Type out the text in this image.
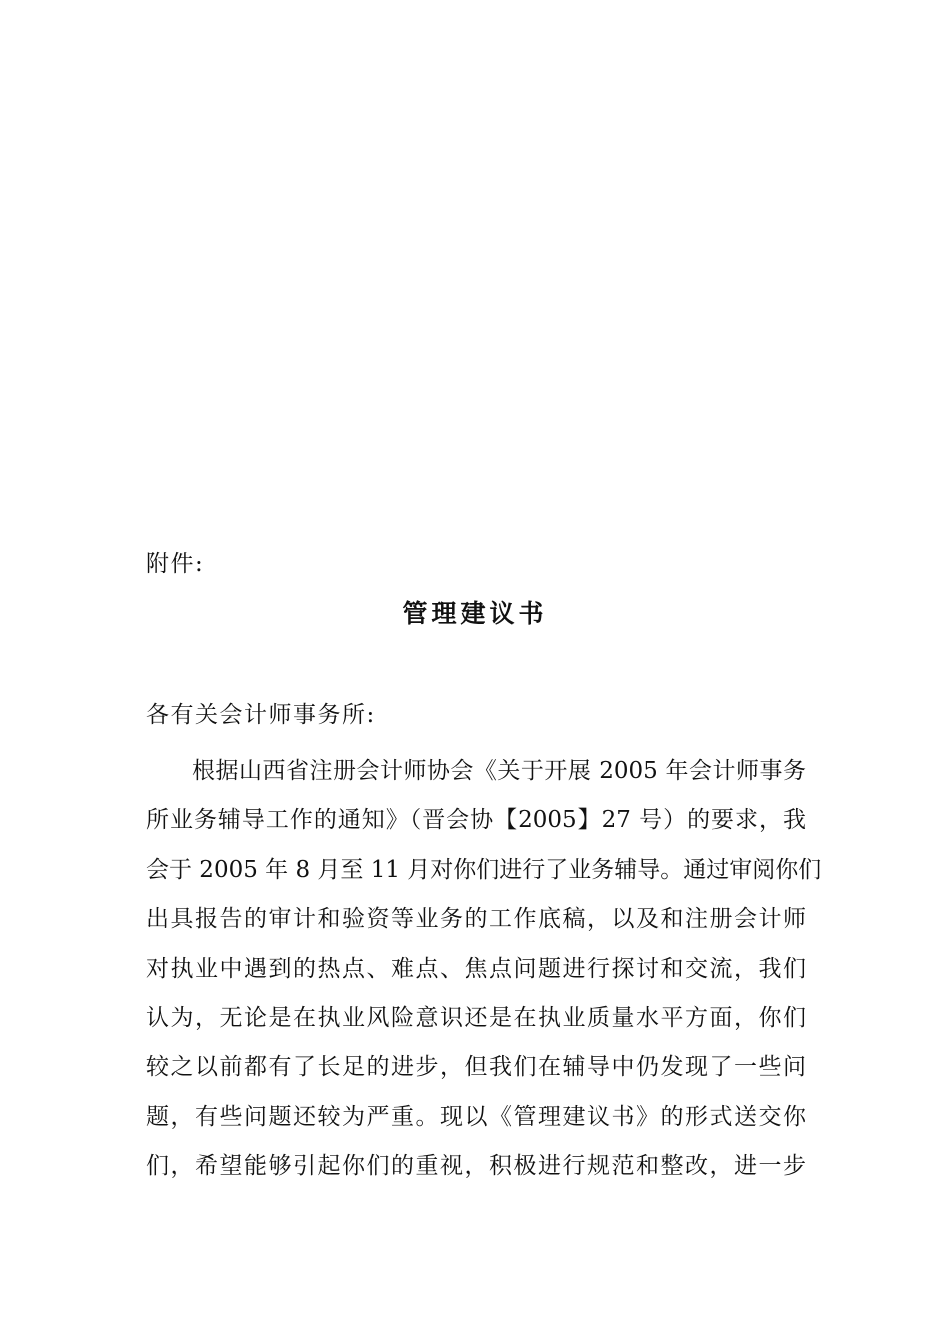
附件:
管理建议书
各有关会计师事务所:
根据山西省注册会计师协会《关于开展 2005 年会计师事务
所业务辅导工作的通知》（晋会协【2005】27 号）的要求，我
会于 2005 年 8 月至 11 月对你们进行了业务辅导。通过审阅你们
出具报告的审计和验资等业务的工作底稿，以及和注册会计师
对执业中遇到的热点、难点、焦点问题进行探讨和交流，我们
认为，无论是在执业风险意识还是在执业质量水平方面，你们
较之以前都有了长足的进步，但我们在辅导中仍发现了一些问
题，有些问题还较为严重。现以《管理建议书》的形式送交你
们，希望能够引起你们的重视，积极进行规范和整改，进一步
